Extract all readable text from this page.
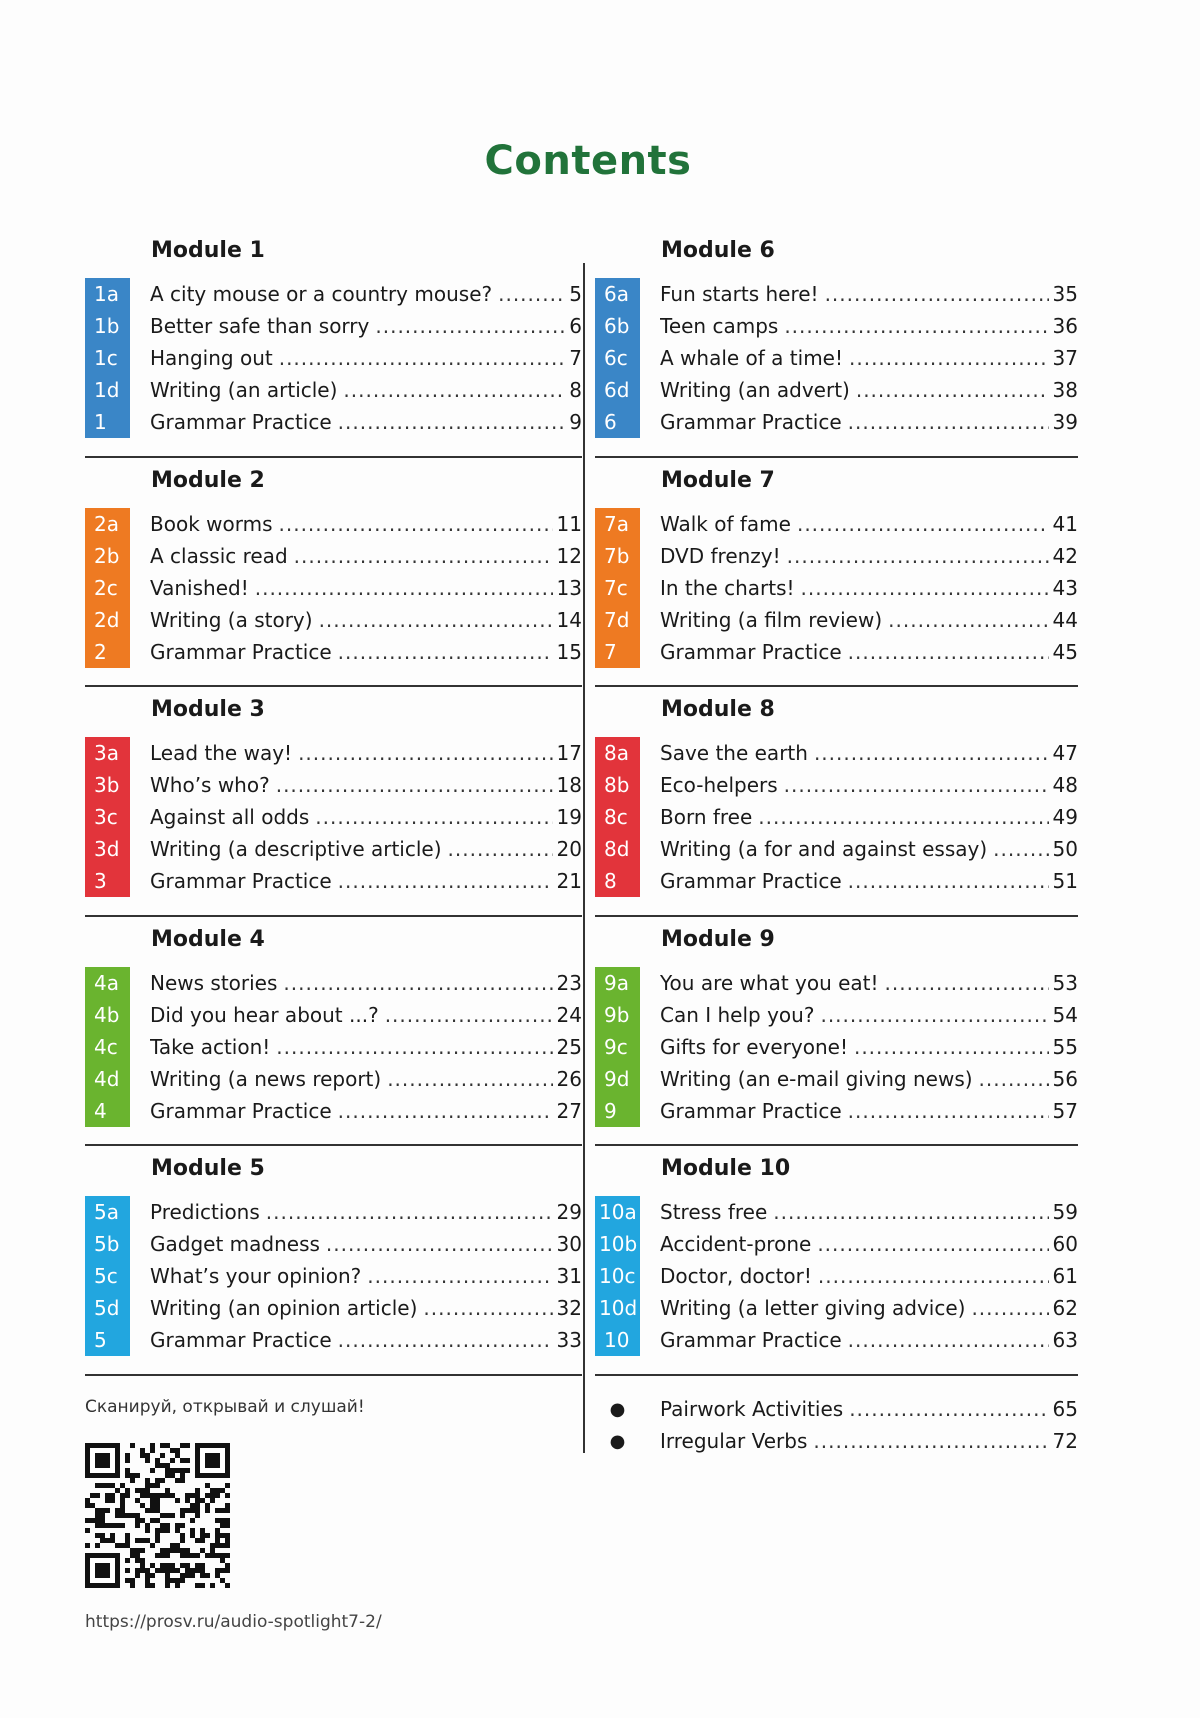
Contents
Module 1
1a	A city mouse or a country mouse? .....	5
1b	Better safe than sorry .....	6
1c	Hanging out .....	7
1d	Writing (an article) .....	8
1	Grammar Practice .....	9
Module 2
2a	Book worms .....	11
2b	A classic read .....	12
2c	Vanished! .....	13
2d	Writing (a story) .....	14
2	Grammar Practice .....	15
Module 3
3a	Lead the way! .....	17
3b	Who’s who? .....	18
3c	Against all odds .....	19
3d	Writing (a descriptive article) .....	20
3	Grammar Practice .....	21
Module 4
4a	News stories .....	23
4b	Did you hear about ...? .....	24
4c	Take action! .....	25
4d	Writing (a news report) .....	26
4	Grammar Practice .....	27
Module 5
5a	Predictions .....	29
5b	Gadget madness .....	30
5c	What’s your opinion? .....	31
5d	Writing (an opinion article) .....	32
5	Grammar Practice .....	33
Module 6
6a	Fun starts here! .....	35
6b	Teen camps .....	36
6c	A whale of a time! .....	37
6d	Writing (an advert) .....	38
6	Grammar Practice .....	39
Module 7
7a	Walk of fame .....	41
7b	DVD frenzy! .....	42
7c	In the charts! .....	43
7d	Writing (a film review) .....	44
7	Grammar Practice .....	45
Module 8
8a	Save the earth .....	47
8b	Eco-helpers .....	48
8c	Born free .....	49
8d	Writing (a for and against essay) .....	50
8	Grammar Practice .....	51
Module 9
9a	You are what you eat! .....	53
9b	Can I help you? .....	54
9c	Gifts for everyone! .....	55
9d	Writing (an e-mail giving news) .....	56
9	Grammar Practice .....	57
Module 10
10a Stress free .....	59
10b Accident-prone .....	60
10c Doctor, doctor! .....	61
10d Writing (a letter giving advice) .....	62
10	Grammar Practice .....	63
●	Pairwork Activities .....	65
●	Irregular Verbs .....	72
Сканируй, открывай и слушай!
https://prosv.ru/audio-spotlight7-2/
